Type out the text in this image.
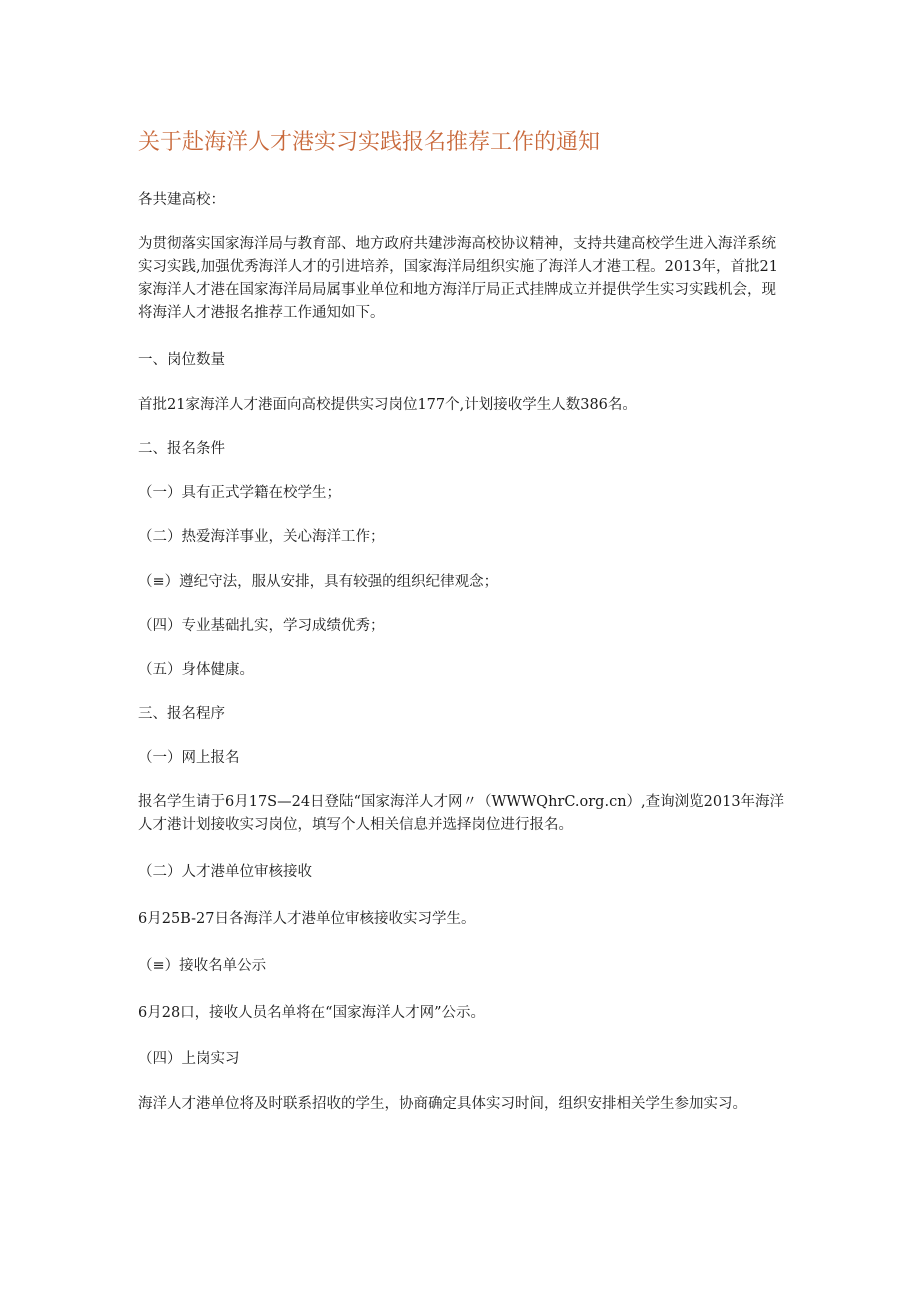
关于赴海洋人才港实习实践报名推荐工作的通知

各共建高校：

为贯彻落实国家海洋局与教育部、地方政府共建涉海高校协议精神，支持共建高校学生进入海洋系统实习实践,加强优秀海洋人才的引进培养，国家海洋局组织实施了海洋人才港工程。2013年，首批21家海洋人才港在国家海洋局局属事业单位和地方海洋厅局正式挂牌成立并提供学生实习实践机会，现将海洋人才港报名推荐工作通知如下。

一、岗位数量

首批21家海洋人才港面向高校提供实习岗位177个,计划接收学生人数386名。

二、报名条件

（一）具有正式学籍在校学生；

（二）热爱海洋事业，关心海洋工作；

（≡）遵纪守法，服从安排，具有较强的组织纪律观念；

（四）专业基础扎实，学习成绩优秀；

（五）身体健康。

三、报名程序

（一）网上报名

报名学生请于6月17S—24日登陆“国家海洋人才网〃（WWWQhrC.org.cn）,查询浏览2013年海洋人才港计划接收实习岗位，填写个人相关信息并选择岗位进行报名。

（二）人才港单位审核接收

6月25B-27日各海洋人才港单位审核接收实习学生。

（≡）接收名单公示

6月28口，接收人员名单将在“国家海洋人才网”公示。

（四）上岗实习

海洋人才港单位将及时联系招收的学生，协商确定具体实习时间，组织安排相关学生参加实习。
